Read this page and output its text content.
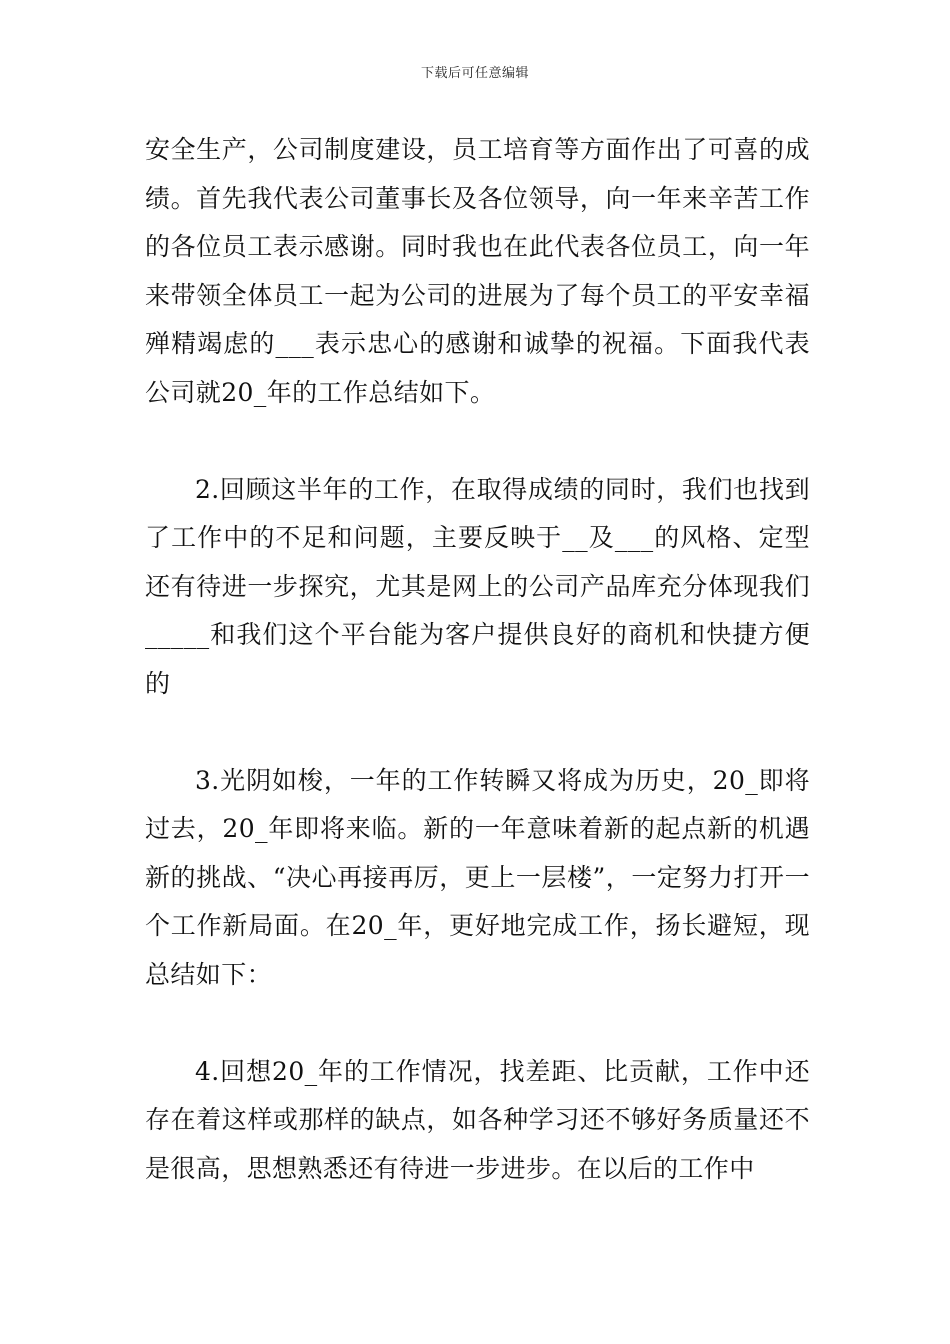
下载后可任意编辑

安全生产，公司制度建设，员工培育等方面作出了可喜的成绩。首先我代表公司董事长及各位领导，向一年来辛苦工作的各位员工表示感谢。同时我也在此代表各位员工，向一年来带领全体员工一起为公司的进展为了每个员工的平安幸福殚精竭虑的___表示忠心的感谢和诚挚的祝福。下面我代表公司就20_年的工作总结如下。

2.回顾这半年的工作，在取得成绩的同时，我们也找到了工作中的不足和问题，主要反映于__及___的风格、定型还有待进一步探究，尤其是网上的公司产品库充分体现我们_____和我们这个平台能为客户提供良好的商机和快捷方便的

3.光阴如梭，一年的工作转瞬又将成为历史，20_即将过去，20_年即将来临。新的一年意味着新的起点新的机遇新的挑战、“决心再接再厉，更上一层楼”，一定努力打开一个工作新局面。在20_年，更好地完成工作，扬长避短，现总结如下：

4.回想20_年的工作情况，找差距、比贡献，工作中还存在着这样或那样的缺点，如各种学习还不够好务质量还不是很高，思想熟悉还有待进一步进步。在以后的工作中
